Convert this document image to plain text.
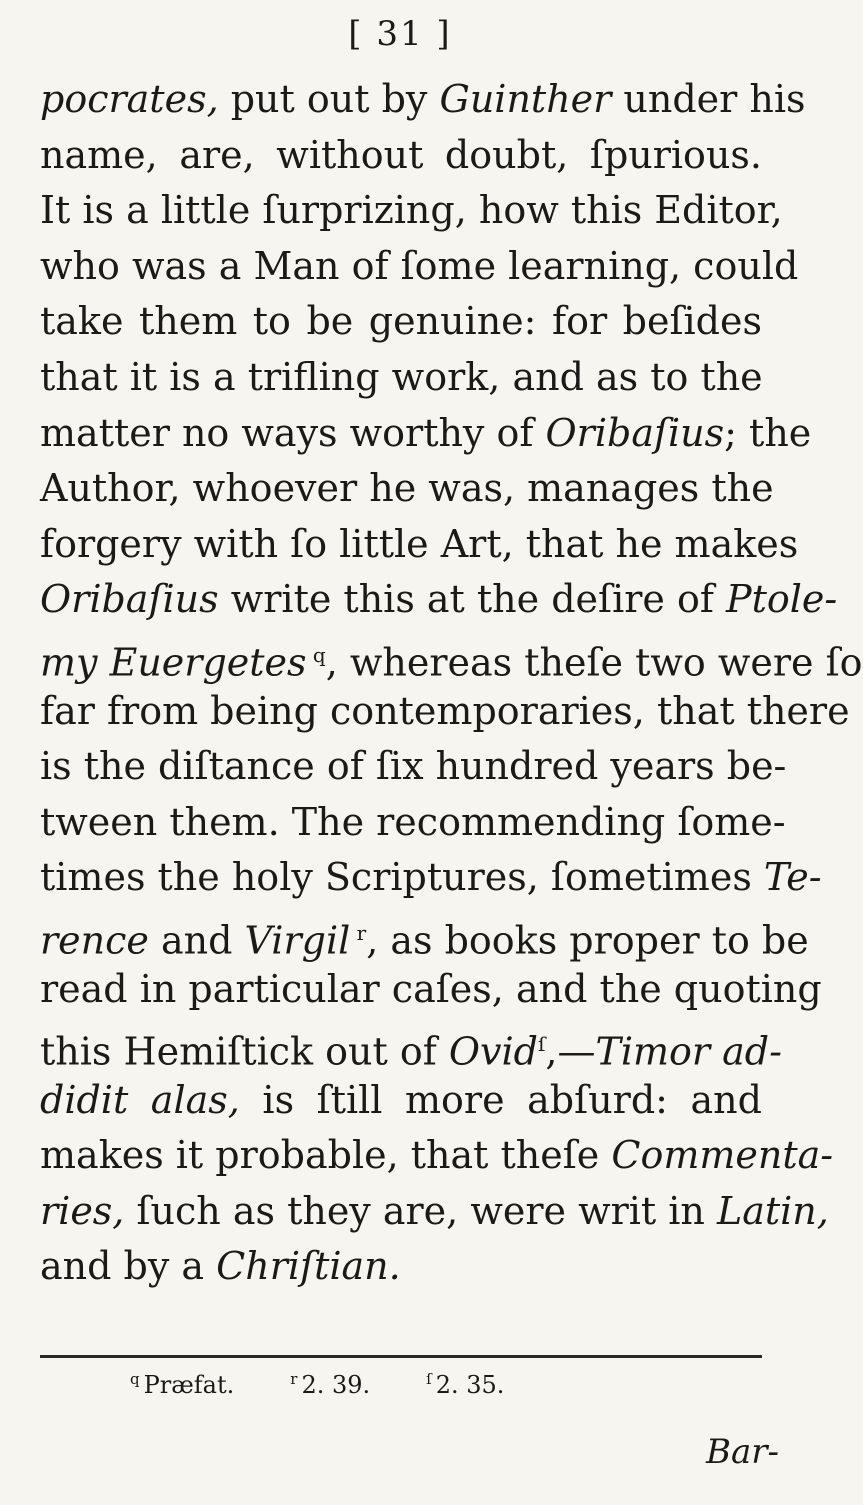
[ 31 ]
pocrates, put out by Guinther under his
name, are, without doubt, ſpurious.
It is a little ſurprizing, how this Editor,
who was a Man of ſome learning, could
take them to be genuine: for beſides
that it is a trifling work, and as to the
matter no ways worthy of Oribaſius; the
Author, whoever he was, manages the
forgery with ſo little Art, that he makes
Oribaſius write this at the deſire of Ptole-
my Euergetes $^q$, whereas theſe two were ſo
far from being contemporaries, that there
is the diſtance of ſix hundred years be-
tween them. The recommending ſome-
times the holy Scriptures, ſometimes Te-
rence and Virgil $^r$, as books proper to be
read in particular caſes, and the quoting
this Hemiſtick out of Ovid$^ſ$,—Timor ad-
didit alas, is ſtill more abſurd: and
makes it probable, that theſe Commenta-
ries, ſuch as they are, were writ in Latin,
and by a Chriſtian.
$^q$ Præfat.	$^r$ 2. 39.	$^ſ$ 2. 35.
Bar-
